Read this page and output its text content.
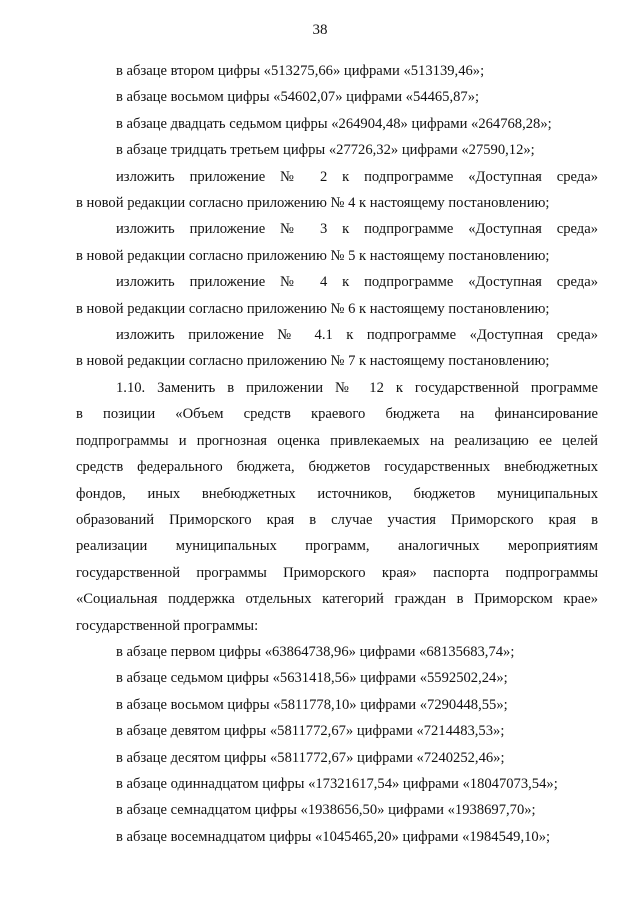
38
в абзаце втором цифры «513275,66» цифрами «513139,46»;
в абзаце восьмом цифры «54602,07» цифрами «54465,87»;
в абзаце двадцать седьмом цифры «264904,48» цифрами «264768,28»;
в абзаце тридцать третьем цифры «27726,32» цифрами «27590,12»;
изложить приложение № 2 к подпрограмме «Доступная среда»
в новой редакции согласно приложению № 4 к настоящему постановлению;
изложить приложение № 3 к подпрограмме «Доступная среда»
в новой редакции согласно приложению № 5 к настоящему постановлению;
изложить приложение № 4 к подпрограмме «Доступная среда»
в новой редакции согласно приложению № 6 к настоящему постановлению;
изложить приложение № 4.1 к подпрограмме «Доступная среда»
в новой редакции согласно приложению № 7 к настоящему постановлению;
1.10. Заменить в приложении № 12 к государственной программе
в позиции «Объем средств краевого бюджета на финансирование
подпрограммы и прогнозная оценка привлекаемых на реализацию ее целей
средств федерального бюджета, бюджетов государственных внебюджетных
фондов, иных внебюджетных источников, бюджетов муниципальных
образований Приморского края в случае участия Приморского края в
реализации муниципальных программ, аналогичных мероприятиям
государственной программы Приморского края» паспорта подпрограммы
«Социальная поддержка отдельных категорий граждан в Приморском крае»
государственной программы:
в абзаце первом цифры «63864738,96» цифрами «68135683,74»;
в абзаце седьмом цифры «5631418,56» цифрами «5592502,24»;
в абзаце восьмом цифры «5811778,10» цифрами «7290448,55»;
в абзаце девятом цифры «5811772,67» цифрами «7214483,53»;
в абзаце десятом цифры «5811772,67» цифрами «7240252,46»;
в абзаце одиннадцатом цифры «17321617,54» цифрами «18047073,54»;
в абзаце семнадцатом цифры «1938656,50» цифрами «1938697,70»;
в абзаце восемнадцатом цифры «1045465,20» цифрами «1984549,10»;
